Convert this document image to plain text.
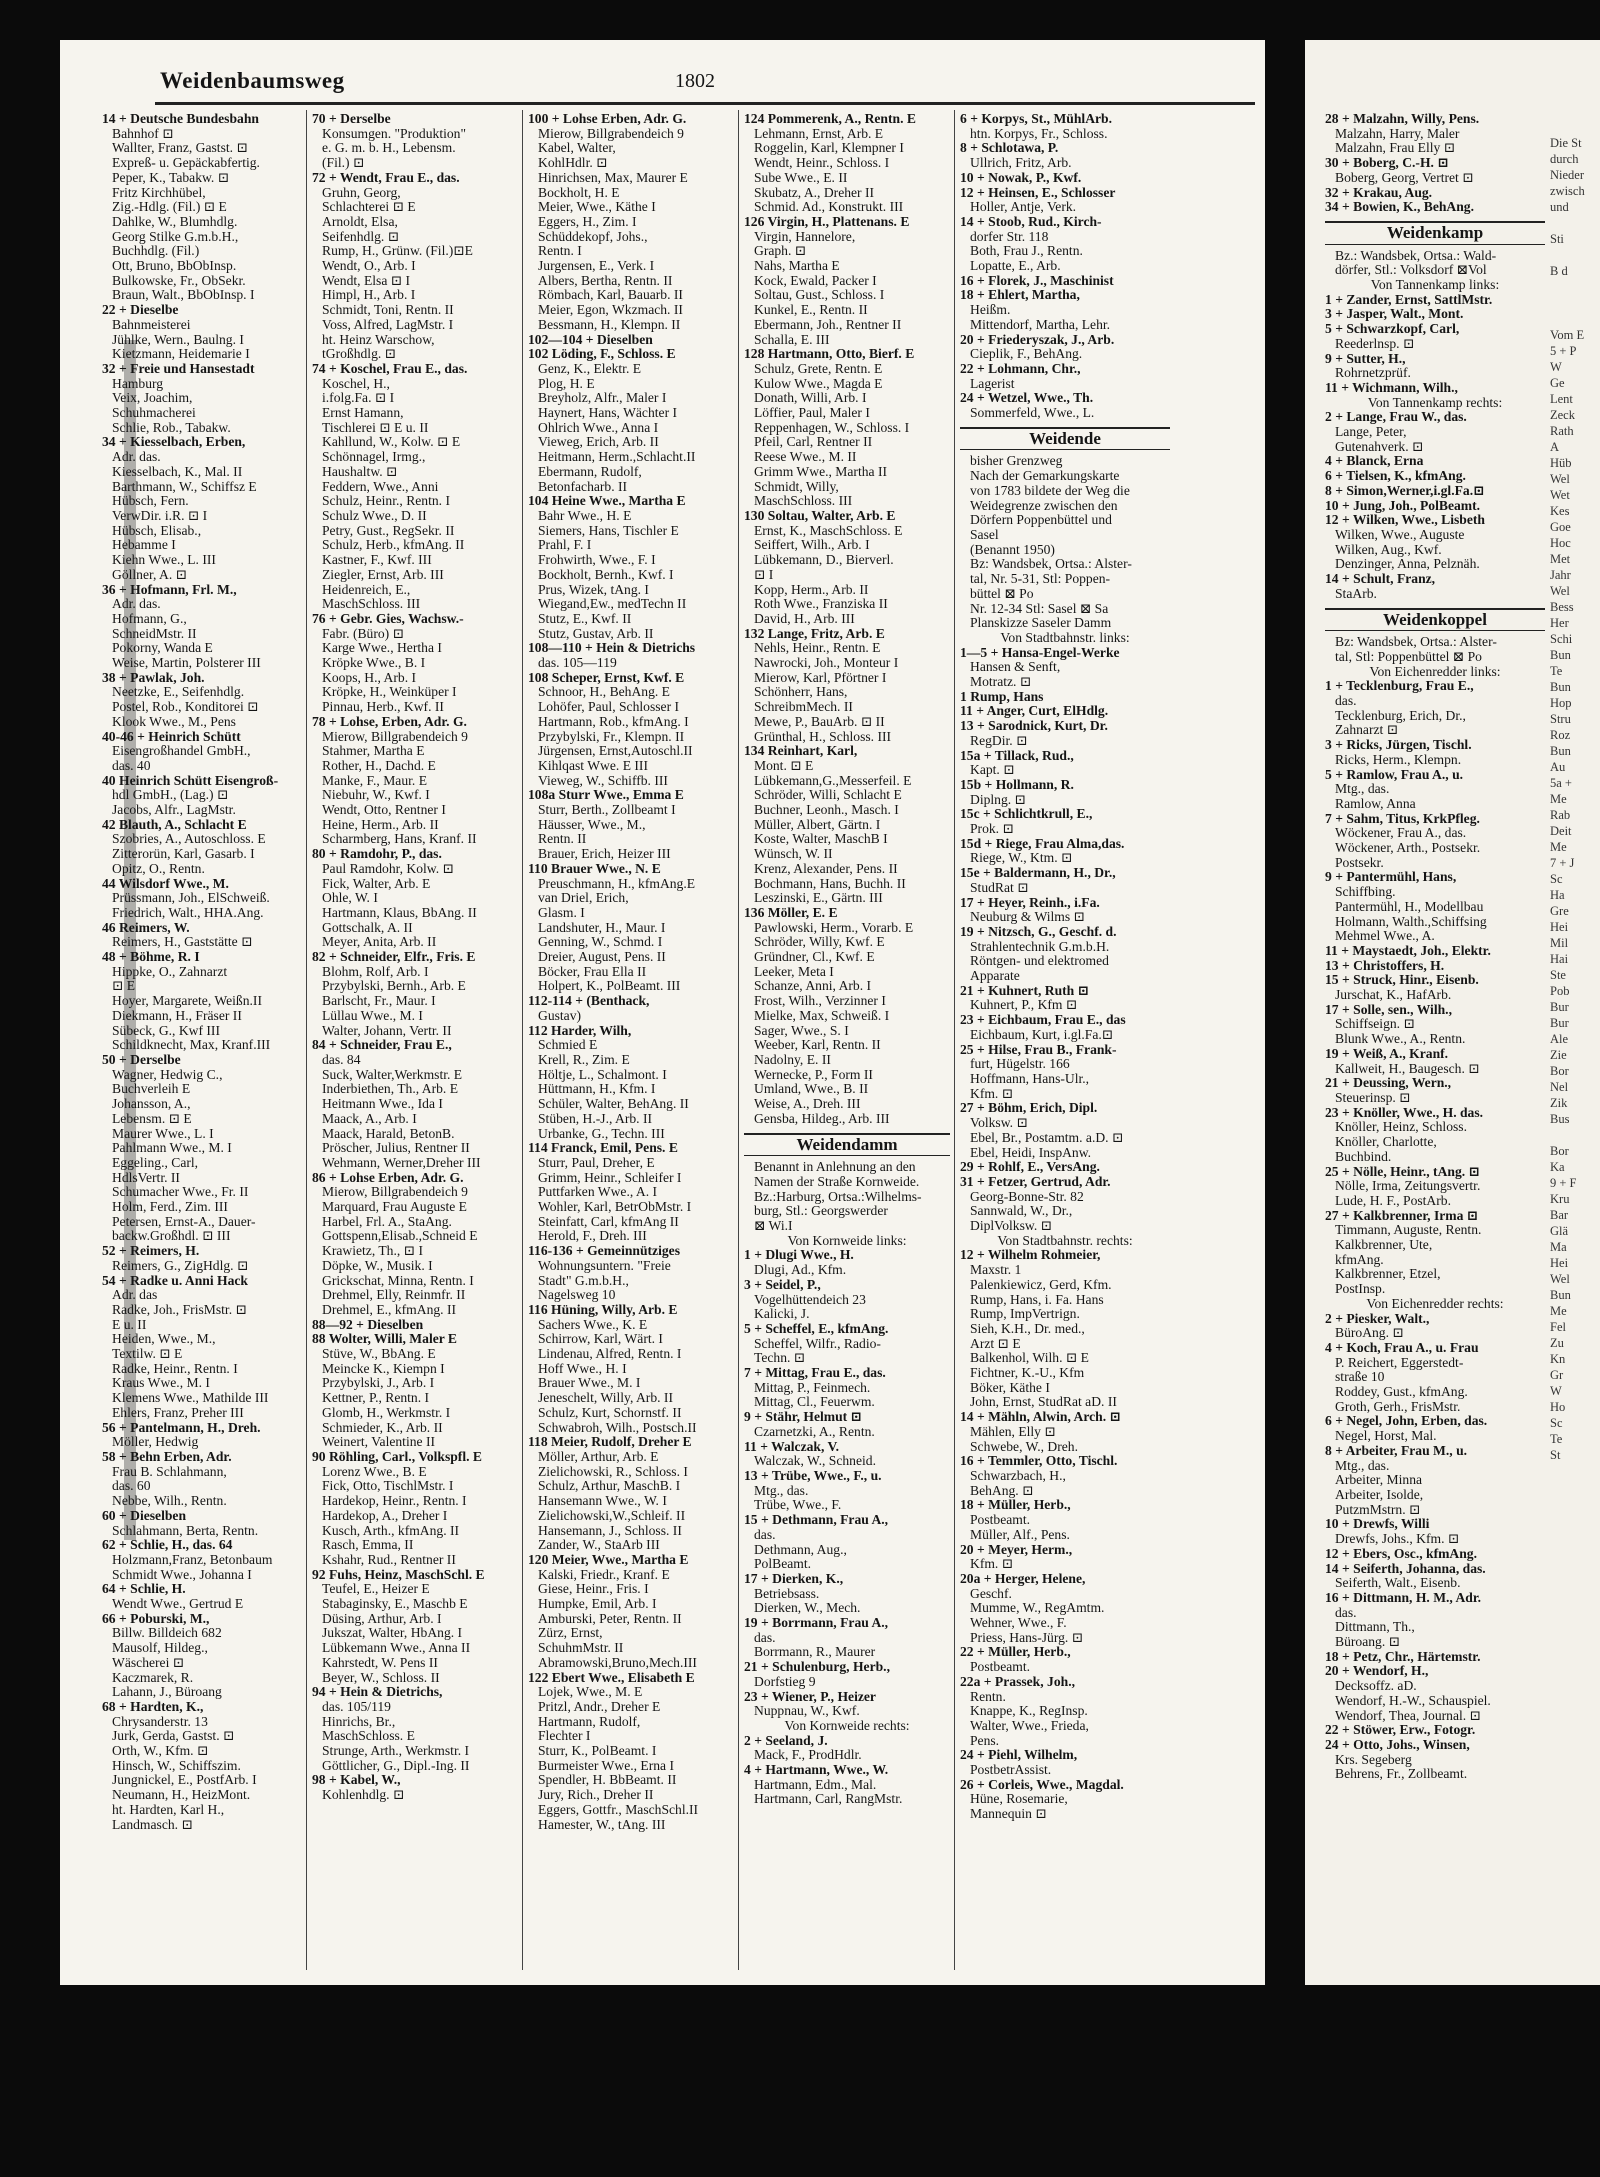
Weidenbaumsweg	1802
14 + Deutsche Bundesbahn
Bahnhof ⊡
Wallter, Franz, Gastst. ⊡
Expreß- u. Gepäckabfertig.
Peper, K., Tabakw. ⊡
Fritz Kirchhübel,
Zig.-Hdlg. (Fil.) ⊡ E
Dahlke, W., Blumhdlg.
Georg Stilke G.m.b.H.,
Buchhdlg. (Fil.)
Ott, Bruno, BbObInsp.
Bulkowske, Fr., ObSekr.
Braun, Walt., BbObInsp. I
22 + Dieselbe
Bahnmeisterei
Jühlke, Wern., Baulng. I
Kietzmann, Heidemarie I
32 + Freie und Hansestadt
Hamburg
Veix, Joachim,
Schuhmacherei
Schlie, Rob., Tabakw.
34 + Kiesselbach, Erben,
Adr. das.
Kiesselbach, K., Mal. II
Barthmann, W., Schiffsz E
Hübsch, Fern.
VerwDir. i.R. ⊡ I
Hübsch, Elisab.,
Hebamme I
Kiehn Wwe., L. III
Göllner, A. ⊡
36 + Hofmann, Frl. M.,
Adr. das.
Hofmann, G.,
SchneidMstr. II
Pokorny, Wanda E
Weise, Martin, Polsterer III
38 + Pawlak, Joh.
Neetzke, E., Seifenhdlg.
Postel, Rob., Konditorei ⊡
Klook Wwe., M., Pens
40-46 + Heinrich Schütt
Eisengroßhandel GmbH.,
das. 40
40 Heinrich Schütt Eisengroß-
hdl GmbH., (Lag.) ⊡
Jacobs, Alfr., LagMstr.
42 Blauth, A., Schlacht E
Szobries, A., Autoschloss. E
Zitterorün, Karl, Gasarb. I
Opitz, O., Rentn.
44 Wilsdorf Wwe., M.
Prüssmann, Joh., ElSchweiß.
Friedrich, Walt., HHA.Ang.
46 Reimers, W.
Reimers, H., Gaststätte ⊡
48 + Böhme, R. I
Hippke, O., Zahnarzt
⊡ E
Hoyer, Margarete, Weißn.II
Diekmann, H., Fräser II
Sübeck, G., Kwf III
Schildknecht, Max, Kranf.III
50 + Derselbe
Wagner, Hedwig C.,
Buchverleih E
Johansson, A.,
Lebensm. ⊡ E
Maurer Wwe., L. I
Pahlmann Wwe., M. I
Eggeling., Carl,
HdlsVertr. II
Schumacher Wwe., Fr. II
Holm, Ferd., Zim. III
Petersen, Ernst-A., Dauer-
backw.Großhdl. ⊡ III
52 + Reimers, H.
Reimers, G., ZigHdlg. ⊡
54 + Radke u. Anni Hack
Adr. das
Radke, Joh., FrisMstr. ⊡
E u. II
Heiden, Wwe., M.,
Textilw. ⊡ E
Radke, Heinr., Rentn. I
Kraus Wwe., M. I
Klemens Wwe., Mathilde III
Ehlers, Franz, Preher III
56 + Pantelmann, H., Dreh.
Möller, Hedwig
58 + Behn Erben, Adr.
Frau B. Schlahmann,
das. 60
Nebbe, Wilh., Rentn.
60 + Dieselben
Schlahmann, Berta, Rentn.
62 + Schlie, H., das. 64
Holzmann,Franz, Betonbaum
Schmidt Wwe., Johanna I
64 + Schlie, H.
Wendt Wwe., Gertrud E
66 + Poburski, M.,
Billw. Billdeich 682
Mausolf, Hildeg.,
Wäscherei ⊡
Kaczmarek, R.
Lahann, J., Büroang
68 + Hardten, K.,
Chrysanderstr. 13
Jurk, Gerda, Gastst. ⊡
Orth, W., Kfm. ⊡
Hinsch, W., Schiffszim.
Jungnickel, E., PostfArb. I
Neumann, H., HeizMont.
ht. Hardten, Karl H.,
Landmasch. ⊡
70 + Derselbe
Konsumgen. "Produktion"
e. G. m. b. H., Lebensm.
(Fil.) ⊡
72 + Wendt, Frau E., das.
Gruhn, Georg,
Schlachterei ⊡ E
Arnoldt, Elsa,
Seifenhdlg. ⊡
Rump, H., Grünw. (Fil.)⊡E
Wendt, O., Arb. I
Wendt, Elsa ⊡ I
Himpl, H., Arb. I
Schmidt, Toni, Rentn. II
Voss, Alfred, LagMstr. I
ht. Heinz Warschow,
tGroßhdlg. ⊡
74 + Koschel, Frau E., das.
Koschel, H.,
i.folg.Fa. ⊡ I
Ernst Hamann,
Tischlerei ⊡ E u. II
Kahllund, W., Kolw. ⊡ E
Schönnagel, Irmg.,
Haushaltw. ⊡
Feddern, Wwe., Anni
Schulz, Heinr., Rentn. I
Schulz Wwe., D. II
Petry, Gust., RegSekr. II
Schulz, Herb., kfmAng. II
Kastner, F., Kwf. III
Ziegler, Ernst, Arb. III
Heidenreich, E.,
MaschSchloss. III
76 + Gebr. Gies, Wachsw.-
Fabr. (Büro) ⊡
Karge Wwe., Hertha I
Kröpke Wwe., B. I
Koops, H., Arb. I
Kröpke, H., Weinküper I
Pinnau, Herb., Kwf. II
78 + Lohse, Erben, Adr. G.
Mierow, Billgrabendeich 9
Stahmer, Martha E
Rother, H., Dachd. E
Manke, F., Maur. E
Niebuhr, W., Kwf. I
Wendt, Otto, Rentner I
Heine, Herm., Arb. II
Scharmberg, Hans, Kranf. II
80 + Ramdohr, P., das.
Paul Ramdohr, Kolw. ⊡
Fick, Walter, Arb. E
Ohle, W. I
Hartmann, Klaus, BbAng. II
Gottschalk, A. II
Meyer, Anita, Arb. II
82 + Schneider, Elfr., Fris. E
Blohm, Rolf, Arb. I
Przybylski, Bernh., Arb. E
Barlscht, Fr., Maur. I
Lüllau Wwe., M. I
Walter, Johann, Vertr. II
84 + Schneider, Frau E.,
das. 84
Suck, Walter,Werkmstr. E
Inderbiethen, Th., Arb. E
Heitmann Wwe., Ida I
Maack, A., Arb. I
Maack, Harald, BetonB.
Pröscher, Julius, Rentner II
Wehmann, Werner,Dreher III
86 + Lohse Erben, Adr. G.
Mierow, Billgrabendeich 9
Marquard, Frau Auguste E
Harbel, Frl. A., StaAng.
Gottspenn,Elisab.,Schneid E
Krawietz, Th., ⊡ I
Döpke, W., Musik. I
Grickschat, Minna, Rentn. I
Drehmel, Elly, Reinmfr. II
Drehmel, E., kfmAng. II
88—92 + Dieselben
88 Wolter, Willi, Maler E
Stüve, W., BbAng. E
Meincke K., Kiempn I
Przybylski, J., Arb. I
Kettner, P., Rentn. I
Glomb, H., Werkmstr. I
Schmieder, K., Arb. II
Weinert, Valentine II
90 Röhling, Carl., Volkspfl. E
Lorenz Wwe., B. E
Fick, Otto, TischlMstr. I
Hardekop, Heinr., Rentn. I
Hardekop, A., Dreher I
Kusch, Arth., kfmAng. II
Rasch, Emma, II
Kshahr, Rud., Rentner II
92 Fuhs, Heinz, MaschSchl. E
Teufel, E., Heizer E
Stabaginsky, E., Maschb E
Düsing, Arthur, Arb. I
Jukszat, Walter, HbAng. I
Lübkemann Wwe., Anna II
Kahrstedt, W. Pens II
Beyer, W., Schloss. II
94 + Hein & Dietrichs,
das. 105/119
Hinrichs, Br.,
MaschSchloss. E
Strunge, Arth., Werkmstr. I
Göttlicher, G., Dipl.-Ing. II
98 + Kabel, W.,
Kohlenhdlg. ⊡
100 + Lohse Erben, Adr. G.
Mierow, Billgrabendeich 9
Kabel, Walter,
KohlHdlr. ⊡
Hinrichsen, Max, Maurer E
Bockholt, H. E
Meier, Wwe., Käthe I
Eggers, H., Zim. I
Schüddekopf, Johs.,
Rentn. I
Jurgensen, E., Verk. I
Albers, Bertha, Rentn. II
Römbach, Karl, Bauarb. II
Meier, Egon, Wkzmach. II
Bessmann, H., Klempn. II
102—104 + Dieselben
102 Löding, F., Schloss. E
Genz, K., Elektr. E
Plog, H. E
Breyholz, Alfr., Maler I
Haynert, Hans, Wächter I
Ohlrich Wwe., Anna I
Vieweg, Erich, Arb. II
Heitmann, Herm.,Schlacht.II
Ebermann, Rudolf,
Betonfacharb. II
104 Heine Wwe., Martha E
Bahr Wwe., H. E
Siemers, Hans, Tischler E
Prahl, F. I
Frohwirth, Wwe., F. I
Bockholt, Bernh., Kwf. I
Prus, Wizek, tAng. I
Wiegand,Ew., medTechn II
Stutz, E., Kwf. II
Stutz, Gustav, Arb. II
108—110 + Hein & Dietrichs
das. 105—119
108 Scheper, Ernst, Kwf. E
Schnoor, H., BehAng. E
Lohöfer, Paul, Schlosser I
Hartmann, Rob., kfmAng. I
Przybylski, Fr., Klempn. II
Jürgensen, Ernst,Autoschl.II
Kihlqast Wwe. E III
Vieweg, W., Schiffb. III
108a Sturr Wwe., Emma E
Sturr, Berth., Zollbeamt I
Häusser, Wwe., M.,
Rentn. II
Brauer, Erich, Heizer III
110 Brauer Wwe., N. E
Preuschmann, H., kfmAng.E
van Driel, Erich,
Glasm. I
Landshuter, H., Maur. I
Genning, W., Schmd. I
Dreier, August, Pens. II
Böcker, Frau Ella II
Holpert, K., PolBeamt. III
112-114 + (Benthack,
Gustav)
112 Harder, Wilh,
Schmied E
Krell, R., Zim. E
Höltje, L., Schalmont. I
Hüttmann, H., Kfm. I
Schüler, Walter, BehAng. II
Stüben, H.-J., Arb. II
Urbanke, G., Techn. III
114 Franck, Emil, Pens. E
Sturr, Paul, Dreher, E
Grimm, Heinr., Schleifer I
Puttfarken Wwe., A. I
Wohler, Karl, BetrObMstr. I
Steinfatt, Carl, kfmAng II
Herold, F., Dreh. III
116-136 + Gemeinnütziges
Wohnungsuntern. "Freie
Stadt" G.m.b.H.,
Nagelsweg 10
116 Hüning, Willy, Arb. E
Sachers Wwe., K. E
Schirrow, Karl, Wärt. I
Lindenau, Alfred, Rentn. I
Hoff Wwe., H. I
Brauer Wwe., M. I
Jeneschelt, Willy, Arb. II
Schulz, Kurt, Schornstf. II
Schwabroh, Wilh., Postsch.II
118 Meier, Rudolf, Dreher E
Möller, Arthur, Arb. E
Zielichowski, R., Schloss. I
Schulz, Arthur, MaschB. I
Hansemann Wwe., W. I
Zielichowski,W.,Schleif. II
Hansemann, J., Schloss. II
Zander, W., StaArb III
120 Meier, Wwe., Martha E
Kalski, Friedr., Kranf. E
Giese, Heinr., Fris. I
Humpke, Emil, Arb. I
Amburski, Peter, Rentn. II
Zürz, Ernst,
SchuhmMstr. II
Abramowski,Bruno,Mech.III
122 Ebert Wwe., Elisabeth E
Lojek, Wwe., M. E
Pritzl, Andr., Dreher E
Hartmann, Rudolf,
Flechter I
Sturr, K., PolBeamt. I
Burmeister Wwe., Erna I
Spendler, H. BbBeamt. II
Jury, Rich., Dreher II
Eggers, Gottfr., MaschSchl.II
Hamester, W., tAng. III
124 Pommerenk, A., Rentn. E
Lehmann, Ernst, Arb. E
Roggelin, Karl, Klempner I
Wendt, Heinr., Schloss. I
Sube Wwe., E. II
Skubatz, A., Dreher II
Schmid. Ad., Konstrukt. III
126 Virgin, H., Plattenans. E
Virgin, Hannelore,
Graph. ⊡
Nahs, Martha E
Kock, Ewald, Packer I
Soltau, Gust., Schloss. I
Kunkel, E., Rentn. II
Ebermann, Joh., Rentner II
Schalla, E. III
128 Hartmann, Otto, Bierf. E
Schulz, Grete, Rentn. E
Kulow Wwe., Magda E
Donath, Willi, Arb. I
Löffier, Paul, Maler I
Reppenhagen, W., Schloss. I
Pfeil, Carl, Rentner II
Reese Wwe., M. II
Grimm Wwe., Martha II
Schmidt, Willy,
MaschSchloss. III
130 Soltau, Walter, Arb. E
Ernst, K., MaschSchloss. E
Seiffert, Wilh., Arb. I
Lübkemann, D., Bierverl.
⊡ I
Kopp, Herm., Arb. II
Roth Wwe., Franziska II
David, H., Arb. III
132 Lange, Fritz, Arb. E
Nehls, Heinr., Rentn. E
Nawrocki, Joh., Monteur I
Mierow, Karl, Pförtner I
Schönherr, Hans,
SchreibmMech. II
Mewe, P., BauArb. ⊡ II
Grünthal, H., Schloss. III
134 Reinhart, Karl,
Mont. ⊡ E
Lübkemann,G.,Messerfeil. E
Schröder, Willi, Schlacht E
Buchner, Leonh., Masch. I
Müller, Albert, Gärtn. I
Koste, Walter, MaschB I
Wünsch, W. II
Krenz, Alexander, Pens. II
Bochmann, Hans, Buchh. II
Leszinski, E., Gärtn. III
136 Möller, E. E
Pawlowski, Herm., Vorarb. E
Schröder, Willy, Kwf. E
Gründner, Cl., Kwf. E
Leeker, Meta I
Schanze, Anni, Arb. I
Frost, Wilh., Verzinner I
Mielke, Max, Schweiß. I
Sager, Wwe., S. I
Weeber, Karl, Rentn. II
Nadolny, E. II
Wernecke, P., Form II
Umland, Wwe., B. II
Weise, A., Dreh. III
Gensba, Hildeg., Arb. III
Weidendamm
Benannt in Anlehnung an den
Namen der Straße Kornweide.
Bz.:Harburg, Ortsa.:Wilhelms-
burg, Stl.: Georgswerder
⊠ Wi.I
Von Kornweide links:
1 + Dlugi Wwe., H.
Dlugi, Ad., Kfm.
3 + Seidel, P.,
Vogelhüttendeich 23
Kalicki, J.
5 + Scheffel, E., kfmAng.
Scheffel, Wilfr., Radio-
Techn. ⊡
7 + Mittag, Frau E., das.
Mittag, P., Feinmech.
Mittag, Cl., Feuerwm.
9 + Stähr, Helmut ⊡
Czarnetzki, A., Rentn.
11 + Walczak, V.
Walczak, W., Schneid.
13 + Trübe, Wwe., F., u.
Mtg., das.
Trübe, Wwe., F.
15 + Dethmann, Frau A.,
das.
Dethmann, Aug.,
PolBeamt.
17 + Dierken, K.,
Betriebsass.
Dierken, W., Mech.
19 + Borrmann, Frau A.,
das.
Borrmann, R., Maurer
21 + Schulenburg, Herb.,
Dorfstieg 9
23 + Wiener, P., Heizer
Nuppnau, W., Kwf.
Von Kornweide rechts:
2 + Seeland, J.
Mack, F., ProdHdlr.
4 + Hartmann, Wwe., W.
Hartmann, Edm., Mal.
Hartmann, Carl, RangMstr.
6 + Korpys, St., MühlArb.
htn. Korpys, Fr., Schloss.
8 + Schlotawa, P.
Ullrich, Fritz, Arb.
10 + Nowak, P., Kwf.
12 + Heinsen, E., Schlosser
Holler, Antje, Verk.
14 + Stoob, Rud., Kirch-
dorfer Str. 118
Both, Frau J., Rentn.
Lopatte, E., Arb.
16 + Florek, J., Maschinist
18 + Ehlert, Martha,
Heißm.
Mittendorf, Martha, Lehr.
20 + Friederyszak, J., Arb.
Cieplik, F., BehAng.
22 + Lohmann, Chr.,
Lagerist
24 + Wetzel, Wwe., Th.
Sommerfeld, Wwe., L.
Weidende
bisher Grenzweg
Nach der Gemarkungskarte
von 1783 bildete der Weg die
Weidegrenze zwischen den
Dörfern Poppenbüttel und
Sasel
(Benannt 1950)
Bz: Wandsbek, Ortsa.: Alster-
tal, Nr. 5-31, Stl: Poppen-
büttel ⊠ Po
Nr. 12-34 Stl: Sasel ⊠ Sa
Planskizze Saseler Damm
Von Stadtbahnstr. links:
1—5 + Hansa-Engel-Werke
Hansen & Senft,
Motratz. ⊡
1 Rump, Hans
11 + Anger, Curt, ElHdlg.
13 + Sarodnick, Kurt, Dr.
RegDir. ⊡
15a + Tillack, Rud.,
Kapt. ⊡
15b + Hollmann, R.
Diplng. ⊡
15c + Schlichtkrull, E.,
Prok. ⊡
15d + Riege, Frau Alma,das.
Riege, W., Ktm. ⊡
15e + Baldermann, H., Dr.,
StudRat ⊡
17 + Heyer, Reinh., i.Fa.
Neuburg & Wilms ⊡
19 + Nitzsch, G., Geschf. d.
Strahlentechnik G.m.b.H.
Röntgen- und elektromed
Apparate
21 + Kuhnert, Ruth ⊡
Kuhnert, P., Kfm ⊡
23 + Eichbaum, Frau E., das
Eichbaum, Kurt, i.gl.Fa.⊡
25 + Hilse, Frau B., Frank-
furt, Hügelstr. 166
Hoffmann, Hans-Ulr.,
Kfm. ⊡
27 + Böhm, Erich, Dipl.
Volksw. ⊡
Ebel, Br., Postamtm. a.D. ⊡
Ebel, Heidi, InspAnw.
29 + Rohlf, E., VersAng.
31 + Fetzer, Gertrud, Adr.
Georg-Bonne-Str. 82
Sannwald, W., Dr.,
DiplVolksw. ⊡
Von Stadtbahnstr. rechts:
12 + Wilhelm Rohmeier,
Maxstr. 1
Palenkiewicz, Gerd, Kfm.
Rump, Hans, i. Fa. Hans
Rump, ImpVertrign.
Sieh, K.H., Dr. med.,
Arzt ⊡ E
Balkenhol, Wilh. ⊡ E
Fichtner, K.-U., Kfm
Böker, Käthe I
John, Ernst, StudRat aD. II
14 + Mähln, Alwin, Arch. ⊡
Mählen, Elly ⊡
Schwebe, W., Dreh.
16 + Temmler, Otto, Tischl.
Schwarzbach, H.,
BehAng. ⊡
18 + Müller, Herb.,
Postbeamt.
Müller, Alf., Pens.
20 + Meyer, Herm.,
Kfm. ⊡
20a + Herger, Helene,
Geschf.
Mumme, W., RegAmtm.
Wehner, Wwe., F.
Priess, Hans-Jürg. ⊡
22 + Müller, Herb.,
Postbeamt.
22a + Prassek, Joh.,
Rentn.
Knappe, K., RegInsp.
Walter, Wwe., Frieda,
Pens.
24 + Piehl, Wilhelm,
PostbetrAssist.
26 + Corleis, Wwe., Magdal.
Hüne, Rosemarie,
Mannequin ⊡
28 + Malzahn, Willy, Pens.
Malzahn, Harry, Maler
Malzahn, Frau Elly ⊡
30 + Boberg, C.-H. ⊡
Boberg, Georg, Vertret ⊡
32 + Krakau, Aug.
34 + Bowien, K., BehAng.
Weidenkamp
Bz.: Wandsbek, Ortsa.: Wald-
dörfer, Stl.: Volksdorf ⊠Vol
Von Tannenkamp links:
1 + Zander, Ernst, SattlMstr.
3 + Jasper, Walt., Mont.
5 + Schwarzkopf, Carl,
Reederlnsp. ⊡
9 + Sutter, H.,
Rohrnetzprüf.
11 + Wichmann, Wilh.,
Von Tannenkamp rechts:
2 + Lange, Frau W., das.
Lange, Peter,
Gutenahverk. ⊡
4 + Blanck, Erna
6 + Tielsen, K., kfmAng.
8 + Simon,Werner,i.gl.Fa.⊡
10 + Jung, Joh., PolBeamt.
12 + Wilken, Wwe., Lisbeth
Wilken, Wwe., Auguste
Wilken, Aug., Kwf.
Denzinger, Anna, Pelznäh.
14 + Schult, Franz,
StaArb.
Weidenkoppel
Bz: Wandsbek, Ortsa.: Alster-
tal, Stl: Poppenbüttel ⊠ Po
Von Eichenredder links:
1 + Tecklenburg, Frau E.,
das.
Tecklenburg, Erich, Dr.,
Zahnarzt ⊡
3 + Ricks, Jürgen, Tischl.
Ricks, Herm., Klempn.
5 + Ramlow, Frau A., u.
Mtg., das.
Ramlow, Anna
7 + Sahm, Titus, KrkPfleg.
Wöckener, Frau A., das.
Wöckener, Arth., Postsekr.
Postsekr.
9 + Pantermühl, Hans,
Schiffbing.
Pantermühl, H., Modellbau
Holmann, Walth.,Schiffsing
Mehmel Wwe., A.
11 + Maystaedt, Joh., Elektr.
13 + Christoffers, H.
15 + Struck, Hinr., Eisenb.
Jurschat, K., HafArb.
17 + Solle, sen., Wilh.,
Schiffseign. ⊡
Blunk Wwe., A., Rentn.
19 + Weiß, A., Kranf.
Kallweit, H., Baugesch. ⊡
21 + Deussing, Wern.,
Steuerinsp. ⊡
23 + Knöller, Wwe., H. das.
Knöller, Heinz, Schloss.
Knöller, Charlotte,
Buchbind.
25 + Nölle, Heinr., tAng. ⊡
Nölle, Irma, Zeitungsvertr.
Lude, H. F., PostArb.
27 + Kalkbrenner, Irma ⊡
Timmann, Auguste, Rentn.
Kalkbrenner, Ute,
kfmAng.
Kalkbrenner, Etzel,
PostInsp.
Von Eichenredder rechts:
2 + Piesker, Walt.,
BüroAng. ⊡
4 + Koch, Frau A., u. Frau
P. Reichert, Eggerstedt-
straße 10
Roddey, Gust., kfmAng.
Groth, Gerh., FrisMstr.
6 + Negel, John, Erben, das.
Negel, Horst, Mal.
8 + Arbeiter, Frau M., u.
Mtg., das.
Arbeiter, Minna
Arbeiter, Isolde,
PutzmMstrn. ⊡
10 + Drewfs, Willi
Drewfs, Johs., Kfm. ⊡
12 + Ebers, Osc., kfmAng.
14 + Seiferth, Johanna, das.
Seiferth, Walt., Eisenb.
16 + Dittmann, H. M., Adr.
das.
Dittmann, Th.,
Büroang. ⊡
18 + Petz, Chr., Härtemstr.
20 + Wendorf, H.,
Decksoffz. aD.
Wendorf, H.-W., Schauspiel.
Wendorf, Thea, Journal. ⊡
22 + Stöwer, Erw., Fotogr.
24 + Otto, Johs., Winsen,
Krs. Segeberg
Behrens, Fr., Zollbeamt.
Die St
durch
Nieder
zwisch
und

Sti

B d

Vom E
5 + P
W
Ge
Lent
Zeck
Rath
A
Hüb
Wel
Wet
Kes
Goe
Hoc
Met
Jahr
Wel
Bess
Her
Schi
Bun
Te
Bun
Hop
Stru
Roz
Bun
Au
5a +
Me
Rab
Deit
Me
7 + J
Sc
Ha
Gre
Hei
Mil
Hai
Ste
Pob
Bur
Bur
Ale
Zie
Bor
Nel
Zik
Bus

Bor
Ka
9 + F
Kru
Bar
Glä
Ma
Hei
Wel
Bun
Me
Fel
Zu
Kn
Gr
W
Ho
Sc
Te
St
